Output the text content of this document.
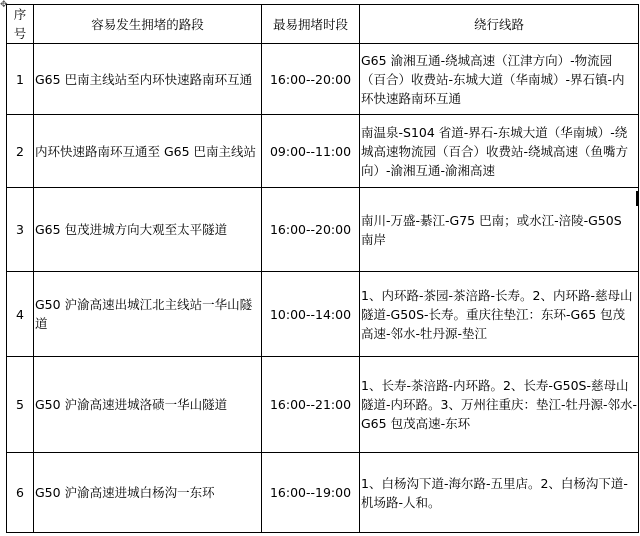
✥
序号	容易发生拥堵的路段	最易拥堵时段	绕行线路
1	G65 巴南主线站至内环快速路南环互通	16:00--20:00	G65 渝湘互通-绕城高速（江津方向）-物流园（百合）收费站-东城大道（华南城）-界石镇-内环快速路南环互通
2	内环快速路南环互通至 G65 巴南主线站	09:00--11:00	南温泉-S104 省道-界石-东城大道（华南城）-绕城高速物流园（百合）收费站-绕城高速（鱼嘴方向）-渝湘互通-渝湘高速
3	G65 包茂进城方向大观至太平隧道	16:00--20:00	南川-万盛-綦江-G75 巴南；或水江-涪陵-G50S 南岸
4	G50 沪渝高速出城江北主线站一华山隧道	10:00--14:00	1、内环路-茶园-茶涪路-长寿。2、内环路-慈母山隧道-G50S-长寿。重庆往垫江：东环-G65 包茂高速-邻水-牡丹源-垫江
5	G50 沪渝高速进城洛碛一华山隧道	16:00--21:00	1、长寿-茶涪路-内环路。2、长寿-G50S-慈母山隧道-内环路。3、万州往重庆：垫江-牡丹源-邻水-G65 包茂高速-东环
6	G50 沪渝高速进城白杨沟一东环	16:00--19:00	1、白杨沟下道-海尔路-五里店。2、白杨沟下道-机场路-人和。
